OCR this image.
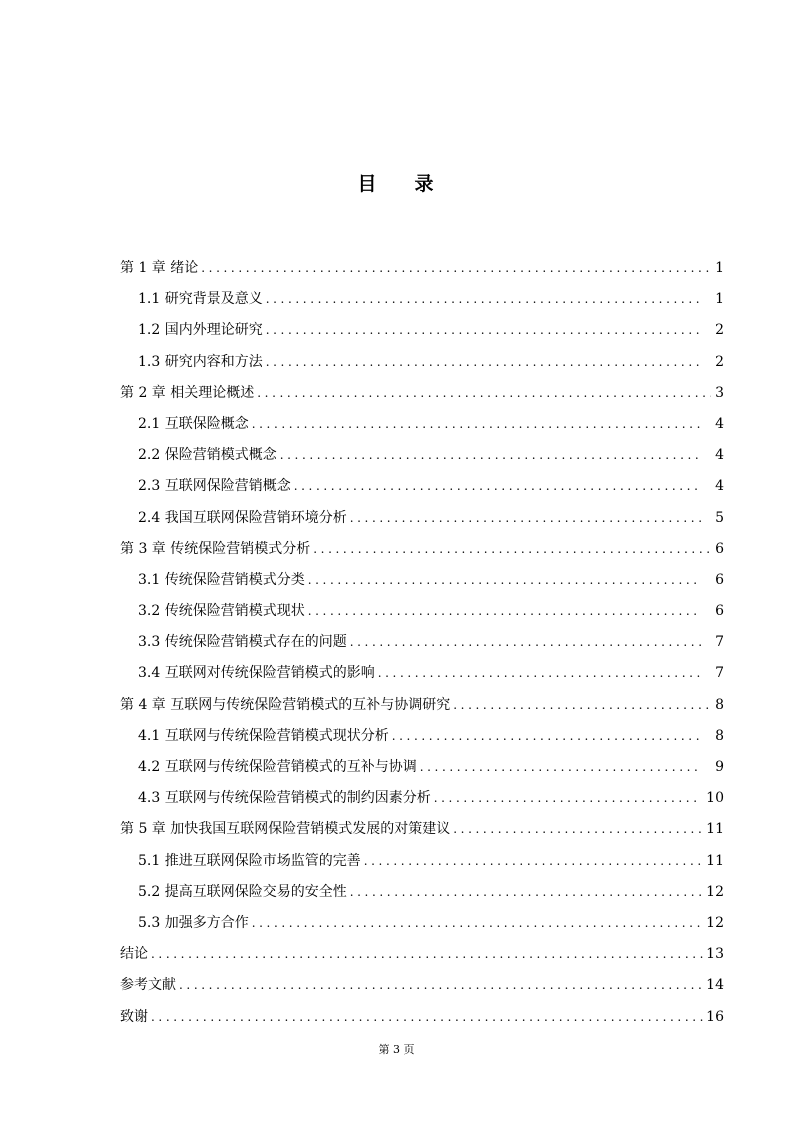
目 录
第 1 章 绪论 .....	1
1.1 研究背景及意义 .....	1
1.2 国内外理论研究 .....	2
1.3 研究内容和方法 .....	2
第 2 章 相关理论概述 .....	3
2.1 互联保险概念 .....	4
2.2 保险营销模式概念 .....	4
2.3 互联网保险营销概念 .....	4
2.4 我国互联网保险营销环境分析 .....	5
第 3 章 传统保险营销模式分析 .....	6
3.1 传统保险营销模式分类 .....	6
3.2 传统保险营销模式现状 .....	6
3.3 传统保险营销模式存在的问题 .....	7
3.4 互联网对传统保险营销模式的影响 .....	7
第 4 章 互联网与传统保险营销模式的互补与协调研究 .....	8
4.1 互联网与传统保险营销模式现状分析 .....	8
4.2 互联网与传统保险营销模式的互补与协调 .....	9
4.3 互联网与传统保险营销模式的制约因素分析 .....	10
第 5 章 加快我国互联网保险营销模式发展的对策建议 .....	11
5.1 推进互联网保险市场监管的完善 .....	11
5.2 提高互联网保险交易的安全性 .....	12
5.3 加强多方合作 .....	12
结论 .....	13
参考文献 .....	14
致谢 .....	16
第 3 页
